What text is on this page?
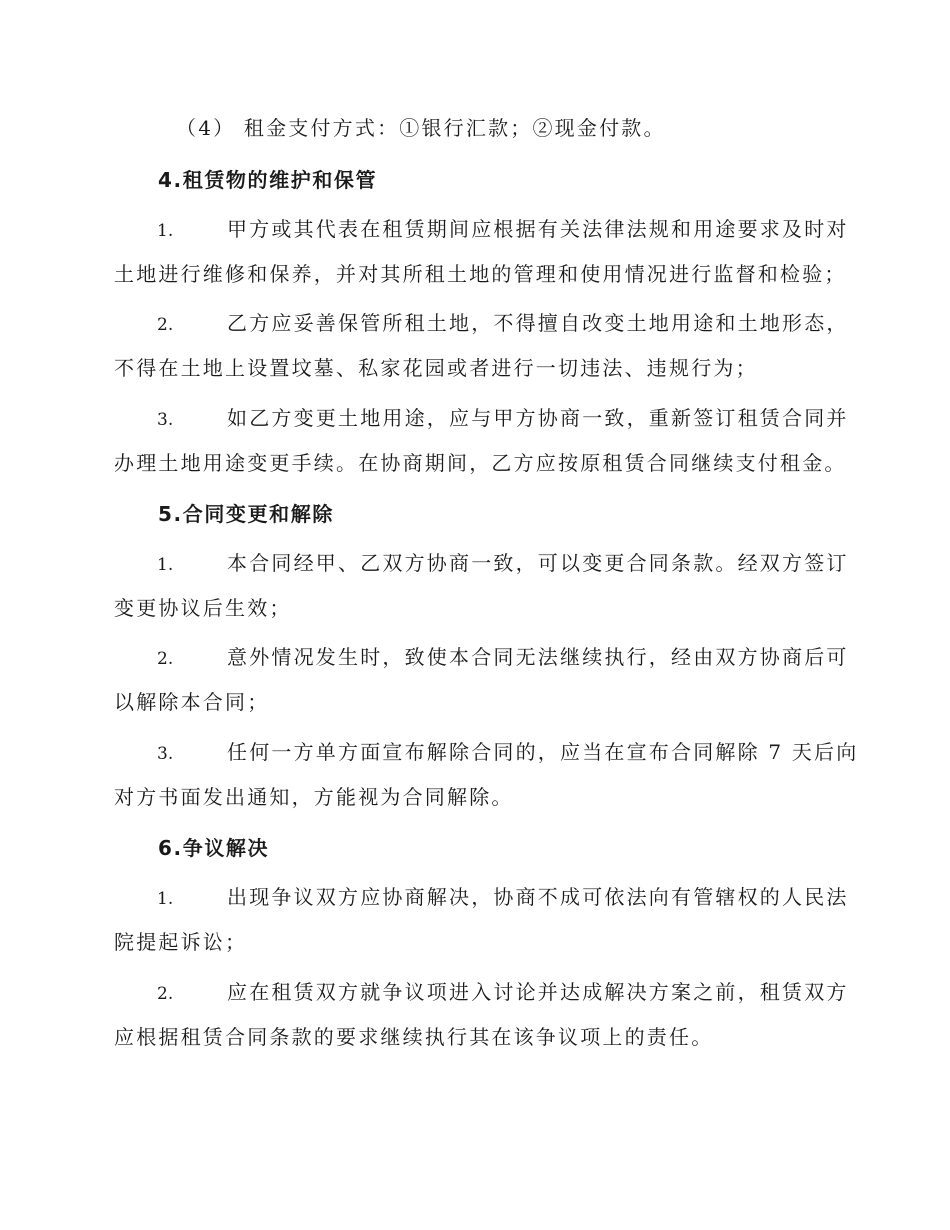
（4） 租金支付方式：①银行汇款；②现金付款。
4.租赁物的维护和保管
1.	甲方或其代表在租赁期间应根据有关法律法规和用途要求及时对
土地进行维修和保养，并对其所租土地的管理和使用情况进行监督和检验；
2.	乙方应妥善保管所租土地，不得擅自改变土地用途和土地形态，
不得在土地上设置坟墓、私家花园或者进行一切违法、违规行为；
3.	如乙方变更土地用途，应与甲方协商一致，重新签订租赁合同并
办理土地用途变更手续。在协商期间，乙方应按原租赁合同继续支付租金。
5.合同变更和解除
1.	本合同经甲、乙双方协商一致，可以变更合同条款。经双方签订
变更协议后生效；
2.	意外情况发生时，致使本合同无法继续执行，经由双方协商后可
以解除本合同；
3.	任何一方单方面宣布解除合同的，应当在宣布合同解除 7 天后向
对方书面发出通知，方能视为合同解除。
6.争议解决
1.	出现争议双方应协商解决，协商不成可依法向有管辖权的人民法
院提起诉讼；
2.	应在租赁双方就争议项进入讨论并达成解决方案之前，租赁双方
应根据租赁合同条款的要求继续执行其在该争议项上的责任。
